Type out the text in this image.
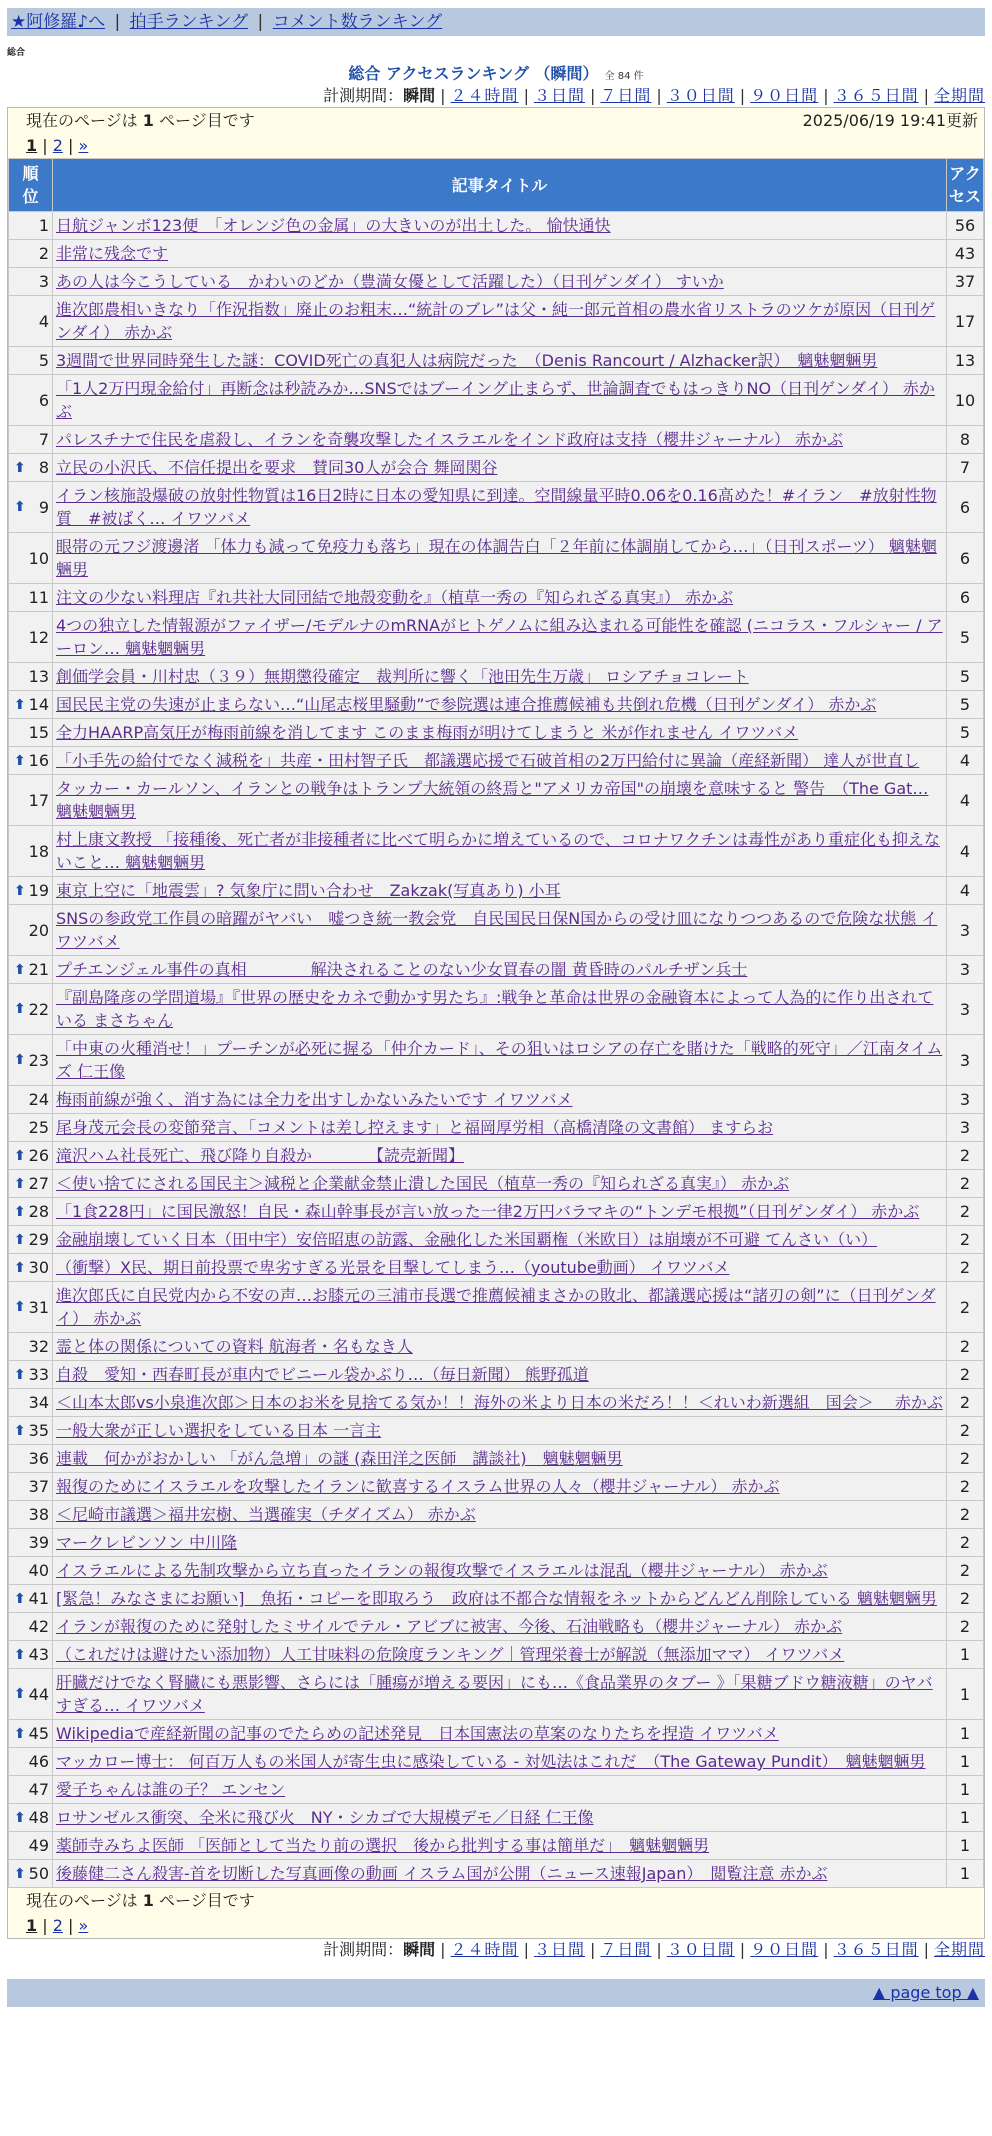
★阿修羅♪へ | 拍手ランキング | コメント数ランキング
総合
総合 アクセスランキング （瞬間） 全 84 件
計測期間：瞬間 | ２４時間 | ３日間 | ７日間 | ３０日間 | ９０日間 | ３６５日間 | 全期間
現在のページは 1 ページ目です	2025/06/19 19:41更新
1 | 2 | »
順位	記事タイトル	アクセス
1	日航ジャンボ123便　「オレンジ色の金属」の大きいのが出土した。 愉快通快	56
2	非常に残念です	43
3	あの人は今こうしている　かわいのどか（豊満女優として活躍した）（日刊ゲンダイ） すいか	37
4	進次郎農相いきなり「作況指数」廃止のお粗末…“統計のブレ”は父・純一郎元首相の農水省リストラのツケが原因（日刊ゲンダイ） 赤かぶ	17
5	3週間で世界同時発生した謎：COVID死亡の真犯人は病院だった　（Denis Rancourt / Alzhacker訳）　魑魅魍魎男	13
6	「1人2万円現金給付」再断念は秒読みか…SNSではブーイング止まらず、世論調査でもはっきりNO（日刊ゲンダイ） 赤かぶ	10
7	パレスチナで住民を虐殺し、イランを奇襲攻撃したイスラエルをインド政府は支持（櫻井ジャーナル） 赤かぶ	8

⬆ 8	立民の小沢氏、不信任提出を要求　賛同30人が会合 舞岡関谷	7

⬆ 9	イラン核施設爆破の放射性物質は16日2時に日本の愛知県に到達。空間線量平時0.06を0.16高めた！#イラン　#放射性物質　#被ばく… イワツバメ	6
10	眼帯の元フジ渡邊渚 「体力も減って免疫力も落ち」現在の体調告白「２年前に体調崩してから…」（日刊スポーツ） 魑魅魍魎男	6
11	注文の少ない料理店『れ共社大同団結で地殻変動を』（植草一秀の『知られざる真実』） 赤かぶ	6
12	4つの独立した情報源がファイザー/モデルナのmRNAがヒトゲノムに組み込まれる可能性を確認 (ニコラス・フルシャー / アーロン… 魑魅魍魎男	5
13	創価学会員・川村忠（３９）無期懲役確定　裁判所に響く「池田先生万歳」 ロシアチョコレート	5

⬆ 14	国民民主党の失速が止まらない…“山尾志桜里騒動”で参院選は連合推薦候補も共倒れ危機（日刊ゲンダイ） 赤かぶ	5
15	全力HAARP高気圧が梅雨前線を消してます このまま梅雨が明けてしまうと 米が作れません イワツバメ	5

⬆ 16	「小手先の給付でなく減税を」共産・田村智子氏　都議選応援で石破首相の2万円給付に異論（産経新聞） 達人が世直し	4
17	タッカー・カールソン、イランとの戦争はトランプ大統領の終焉と"アメリカ帝国"の崩壊を意味すると 警告　（The Gat… 魑魅魍魎男	4
18	村上康文教授 「接種後、死亡者が非接種者に比べて明らかに増えているので、コロナワクチンは毒性があり重症化も抑えないこと… 魑魅魍魎男	4

⬆ 19	東京上空に「地震雲」? 気象庁に問い合わせ　Zakzak(写真あり) 小耳	4
20	SNSの参政党工作員の暗躍がヤバい　嘘つき統一教会党　自民国民日保N国からの受け皿になりつつあるので危険な状態 イワツバメ	3

⬆ 21	プチエンジェル事件の真相　　　　解決されることのない少女買春の闇 黄昏時のパルチザン兵士	3

⬆ 22	『副島隆彦の学問道場』『世界の歴史をカネで動かす男たち』:戦争と革命は世界の金融資本によって人為的に作り出されている まさちゃん	3

⬆ 23	「中東の火種消せ！」プーチンが必死に握る「仲介カード」、その狙いはロシアの存亡を賭けた「戦略的死守」／江南タイムズ 仁王像	3
24	梅雨前線が強く、消す為には全力を出すしかないみたいです イワツバメ	3
25	尾身茂元会長の変節発言、「コメントは差し控えます」と福岡厚労相（高橋清隆の文書館） ますらお	3

⬆ 26	滝沢ハム社長死亡、飛び降り自殺か　　　　【読売新聞】	2

⬆ 27	＜使い捨てにされる国民主＞減税と企業献金禁止潰した国民（植草一秀の『知られざる真実』） 赤かぶ	2

⬆ 28	「1食228円」に国民激怒！自民・森山幹事長が言い放った一律2万円バラマキの“トンデモ根拠”（日刊ゲンダイ） 赤かぶ	2

⬆ 29	金融崩壊していく日本（田中宇）安倍昭恵の訪露、金融化した米国覇権（米欧日）は崩壊が不可避 てんさい（い）	2

⬆ 30	（衝撃）X民、期日前投票で卑劣すぎる光景を目撃してしまう…（youtube動画） イワツバメ	2

⬆ 31	進次郎氏に自民党内から不安の声…お膝元の三浦市長選で推薦候補まさかの敗北、都議選応援は“諸刃の剣”に（日刊ゲンダイ） 赤かぶ	2
32	霊と体の関係についての資料 航海者・名もなき人	2

⬆ 33	自殺　愛知・西春町長が車内でビニール袋かぶり…（毎日新聞） 熊野孤道	2
34	＜山本太郎vs小泉進次郎＞日本のお米を見捨てる気か！！海外の米より日本の米だろ！！＜れいわ新選組　国会＞　 赤かぶ	2

⬆ 35	一般大衆が正しい選択をしている日本 一言主	2
36	連載　何かがおかしい 「がん急増」の謎 (森田洋之医師　講談社)　魑魅魍魎男	2
37	報復のためにイスラエルを攻撃したイランに歓喜するイスラム世界の人々（櫻井ジャーナル） 赤かぶ	2
38	＜尼崎市議選＞福井宏樹、当選確実（チダイズム） 赤かぶ	2
39	マークレビンソン 中川隆	2
40	イスラエルによる先制攻撃から立ち直ったイランの報復攻撃でイスラエルは混乱（櫻井ジャーナル） 赤かぶ	2

⬆ 41	[緊急！みなさまにお願い]　魚拓・コピーを即取ろう　政府は不都合な情報をネットからどんどん削除している 魑魅魍魎男	2
42	イランが報復のために発射したミサイルでテル・アビブに被害、今後、石油戦略も（櫻井ジャーナル） 赤かぶ	2

⬆ 43	（これだけは避けたい添加物）人工甘味料の危険度ランキング｜管理栄養士が解説（無添加ママ） イワツバメ	1

⬆ 44	肝臓だけでなく腎臓にも悪影響、さらには「腫瘍が増える要因」にも…《食品業界のタブー 》「果糖ブドウ糖液糖」のヤバすぎる… イワツバメ	1

⬆ 45	Wikipediaで産経新聞の記事のでたらめの記述発見　日本国憲法の草案のなりたちを捏造 イワツバメ	1
46	マッカロー博士： 何百万人もの米国人が寄生虫に感染している - 対処法はこれだ　（The Gateway Pundit）　魑魅魍魎男	1
47	愛子ちゃんは誰の子？ エンセン	1

⬆ 48	ロサンゼルス衝突、全米に飛び火　NY・シカゴで大規模デモ／日経 仁王像	1
49	薬師寺みちよ医師 「医師として当たり前の選択　後から批判する事は簡単だ」　魑魅魍魎男	1

⬆ 50	後藤健二さん殺害-首を切断した写真画像の動画 イスラム国が公開（ニュース速報Japan）　閲覧注意 赤かぶ	1
現在のページは 1 ページ目です
1 | 2 | »
計測期間：瞬間 | ２４時間 | ３日間 | ７日間 | ３０日間 | ９０日間 | ３６５日間 | 全期間
▲ page top ▲
